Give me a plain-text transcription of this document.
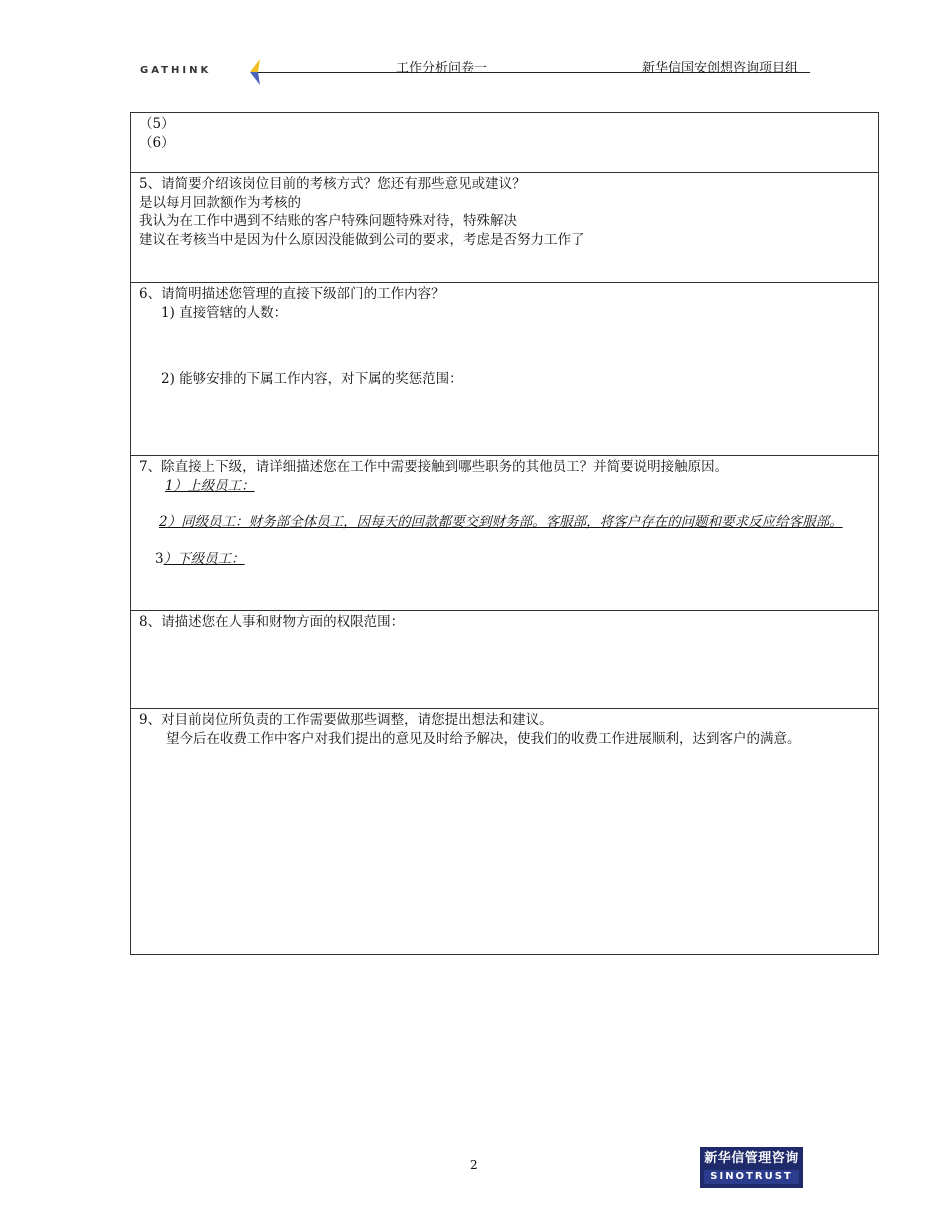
GATHINK	工作分析问卷一	新华信国安创想咨询项目组
（5）
（6）

5、请简要介绍该岗位目前的考核方式？您还有那些意见或建议？
是以每月回款额作为考核的
我认为在工作中遇到不结账的客户特殊问题特殊对待，特殊解决
建议在考核当中是因为什么原因没能做到公司的要求，考虑是否努力工作了

6、请简明描述您管理的直接下级部门的工作内容？
1) 直接管辖的人数：
2) 能够安排的下属工作内容，对下属的奖惩范围：

7、除直接上下级，请详细描述您在工作中需要接触到哪些职务的其他员工？并简要说明接触原因。
1）上级员工：
2）同级员工：财务部全体员工，因每天的回款都要交到财务部。客服部，将客户存在的问题和要求反应给客服部。
3）下级员工：

8、请描述您在人事和财物方面的权限范围：

9、对目前岗位所负责的工作需要做那些调整，请您提出想法和建议。
望今后在收费工作中客户对我们提出的意见及时给予解决，使我们的收费工作进展顺利，达到客户的满意。
2	新华信管理咨询
SINOTRUST
